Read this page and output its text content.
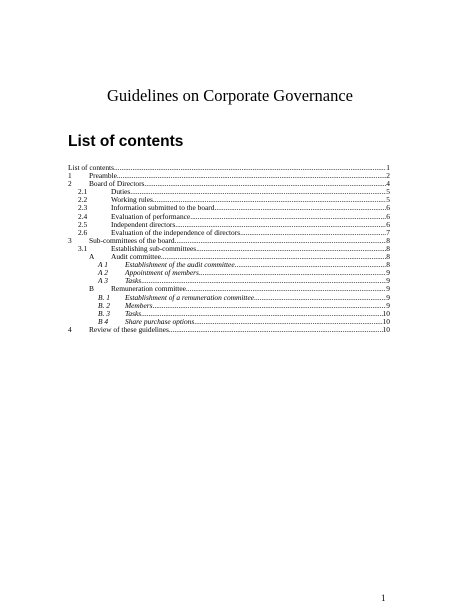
Guidelines on Corporate Governance
List of contents
List of contents .....	1
1 Preamble .....	2
2 Board of Directors .....	4
2.1	Duties .....	5
2.2	Working rules .....	5
2.3	Information submitted to the board .....	6
2.4	Evaluation of performance .....	6
2.5	Independent directors .....	6
2.6	Evaluation of the independence of directors .....	7
3 Sub-committees of the board .....	8
3.1	Establishing sub-committees .....	8
A Audit committee .....	8
A 1 Establishment of the audit committee. .....	8
A 2 Appointment of members .....	9
A 3 Tasks .....	9
B Remuneration committee .....	9
B. 1 Establishment of a remuneration committee .....	9
B. 2 Members .....	9
B. 3 Tasks .....	10
B 4 Share purchase options .....	10
4 Review of these guidelines .....	10
1
